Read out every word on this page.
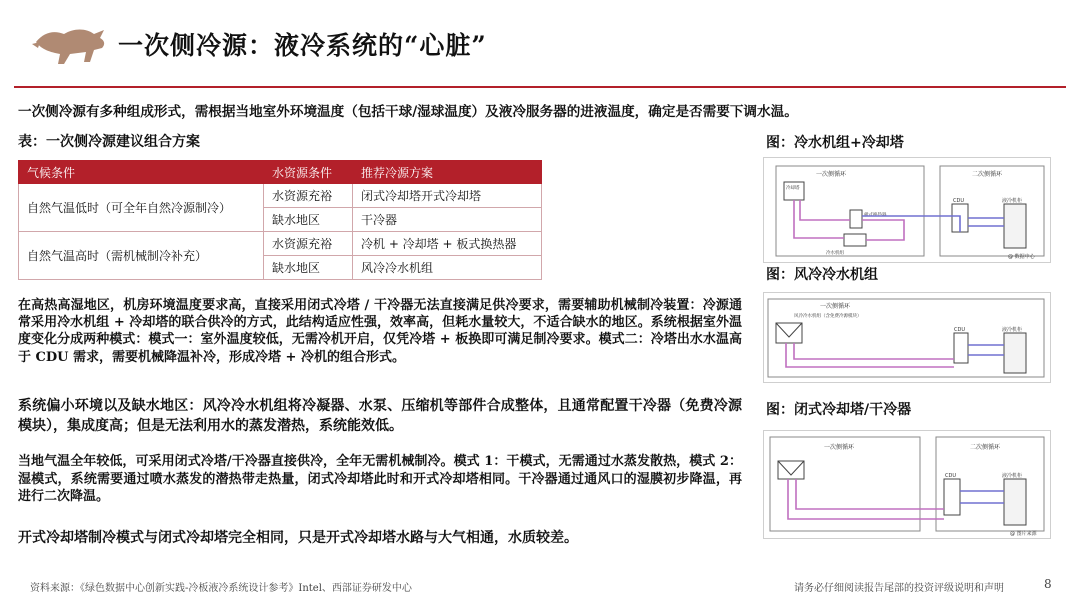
一次侧冷源：液冷系统的“心脏”
一次侧冷源有多种组成形式，需根据当地室外环境温度（包括干球/湿球温度）及液冷服务器的进液温度，确定是否需要下调水温。
表：一次侧冷源建议组合方案
气候条件	水资源条件	推荐冷源方案
自然气温低时（可全年自然冷源制冷）	水资源充裕	闭式冷却塔开式冷却塔
	缺水地区	干冷器
自然气温高时（需机械制冷补充）	水资源充裕	冷机 + 冷却塔 + 板式换热器
	缺水地区	风冷冷水机组
在高热高湿地区，机房环境温度要求高，直接采用闭式冷塔 / 干冷器无法直接满足供冷要求，需要辅助机械制冷装置：冷源通常采用冷水机组 + 冷却塔的联合供冷的方式，此结构适应性强，效率高，但耗水量较大，不适合缺水的地区。系统根据室外温度变化分成两种模式：模式一：室外温度较低，无需冷机开启，仅凭冷塔 + 板换即可满足制冷要求。模式二：冷塔出水水温高于 CDU 需求，需要机械降温补冷，形成冷塔 + 冷机的组合形式。
系统偏小环境以及缺水地区：风冷冷水机组将冷凝器、水泵、压缩机等部件合成整体，且通常配置干冷器（免费冷源模块），集成度高；但是无法利用水的蒸发潜热，系统能效低。
当地气温全年较低，可采用闭式冷塔/干冷器直接供冷，全年无需机械制冷。模式 1：干模式，无需通过水蒸发散热，模式 2：湿模式，系统需要通过喷水蒸发的潜热带走热量，闭式冷却塔此时和开式冷却塔相同。干冷器通过通风口的湿膜初步降温，再进行二次降温。
开式冷却塔制冷模式与闭式冷却塔完全相同，只是开式冷却塔水路与大气相通，水质较差。
图：冷水机组+冷却塔
一次侧循环	二次侧循环
冷却塔
板式换热器
冷水机组
CDU	液冷机柜
@ 数据中心
图：风冷冷水机组
一次侧循环
风冷冷水机组（含免费冷源模块）
CDU	液冷机柜
图：闭式冷却塔/干冷器
一次侧循环	二次侧循环
CDU	液冷机柜
@ 图片来源
资料来源：《绿色数据中心创新实践-冷板液冷系统设计参考》Intel、西部证券研发中心	请务必仔细阅读报告尾部的投资评级说明和声明	8
